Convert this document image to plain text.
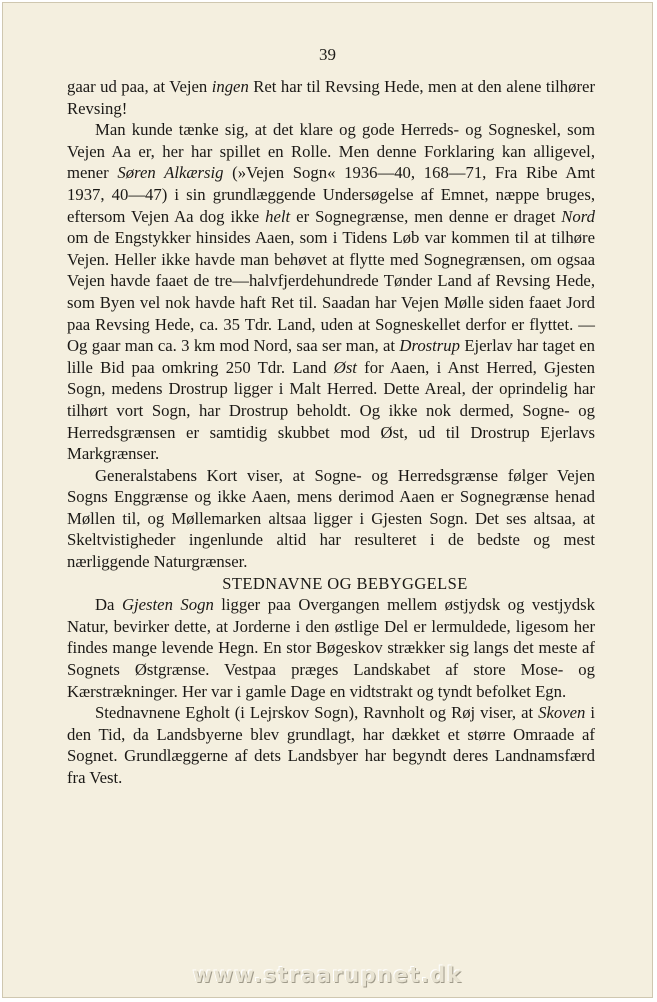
39

gaar ud paa, at Vejen ingen Ret har til Revsing Hede, men at den alene tilhører Revsing!

Man kunde tænke sig, at det klare og gode Herreds- og Sogneskel, som Vejen Aa er, her har spillet en Rolle. Men denne Forklaring kan alligevel, mener Søren Alkærsig (»Vejen Sogn« 1936—40, 168—71, Fra Ribe Amt 1937, 40—47) i sin grundlæggende Undersøgelse af Emnet, næppe bruges, eftersom Vejen Aa dog ikke helt er Sognegrænse, men denne er draget Nord om de Engstykker hinsides Aaen, som i Tidens Løb var kommen til at tilhøre Vejen. Heller ikke havde man behøvet at flytte med Sognegrænsen, om ogsaa Vejen havde faaet de tre—halvfjerdehundrede Tønder Land af Revsing Hede, som Byen vel nok havde haft Ret til. Saadan har Vejen Mølle siden faaet Jord paa Revsing Hede, ca. 35 Tdr. Land, uden at Sogneskellet derfor er flyttet. — Og gaar man ca. 3 km mod Nord, saa ser man, at Drostrup Ejerlav har taget en lille Bid paa omkring 250 Tdr. Land Øst for Aaen, i Anst Herred, Gjesten Sogn, medens Drostrup ligger i Malt Herred. Dette Areal, der oprindelig har tilhørt vort Sogn, har Drostrup beholdt. Og ikke nok dermed, Sogne- og Herredsgrænsen er samtidig skubbet mod Øst, ud til Drostrup Ejerlavs Markgrænser.

Generalstabens Kort viser, at Sogne- og Herredsgrænse følger Vejen Sogns Enggrænse og ikke Aaen, mens derimod Aaen er Sognegrænse henad Møllen til, og Møllemarken altsaa ligger i Gjesten Sogn. Det ses altsaa, at Skeltvistigheder ingenlunde altid har resulteret i de bedste og mest nærliggende Naturgrænser.

STEDNAVNE OG BEBYGGELSE

Da Gjesten Sogn ligger paa Overgangen mellem østjydsk og vestjydsk Natur, bevirker dette, at Jorderne i den østlige Del er lermuldede, ligesom her findes mange levende Hegn. En stor Bøgeskov strækker sig langs det meste af Sognets Østgrænse. Vestpaa præges Landskabet af store Mose- og Kærstrækninger. Her var i gamle Dage en vidtstrakt og tyndt befolket Egn.

Stednavnene Egholt (i Lejrskov Sogn), Ravnholt og Røj viser, at Skoven i den Tid, da Landsbyerne blev grundlagt, har dækket et større Omraade af Sognet. Grundlæggerne af dets Landsbyer har begyndt deres Landnamsfærd fra Vest.

www.straarupnet.dk
